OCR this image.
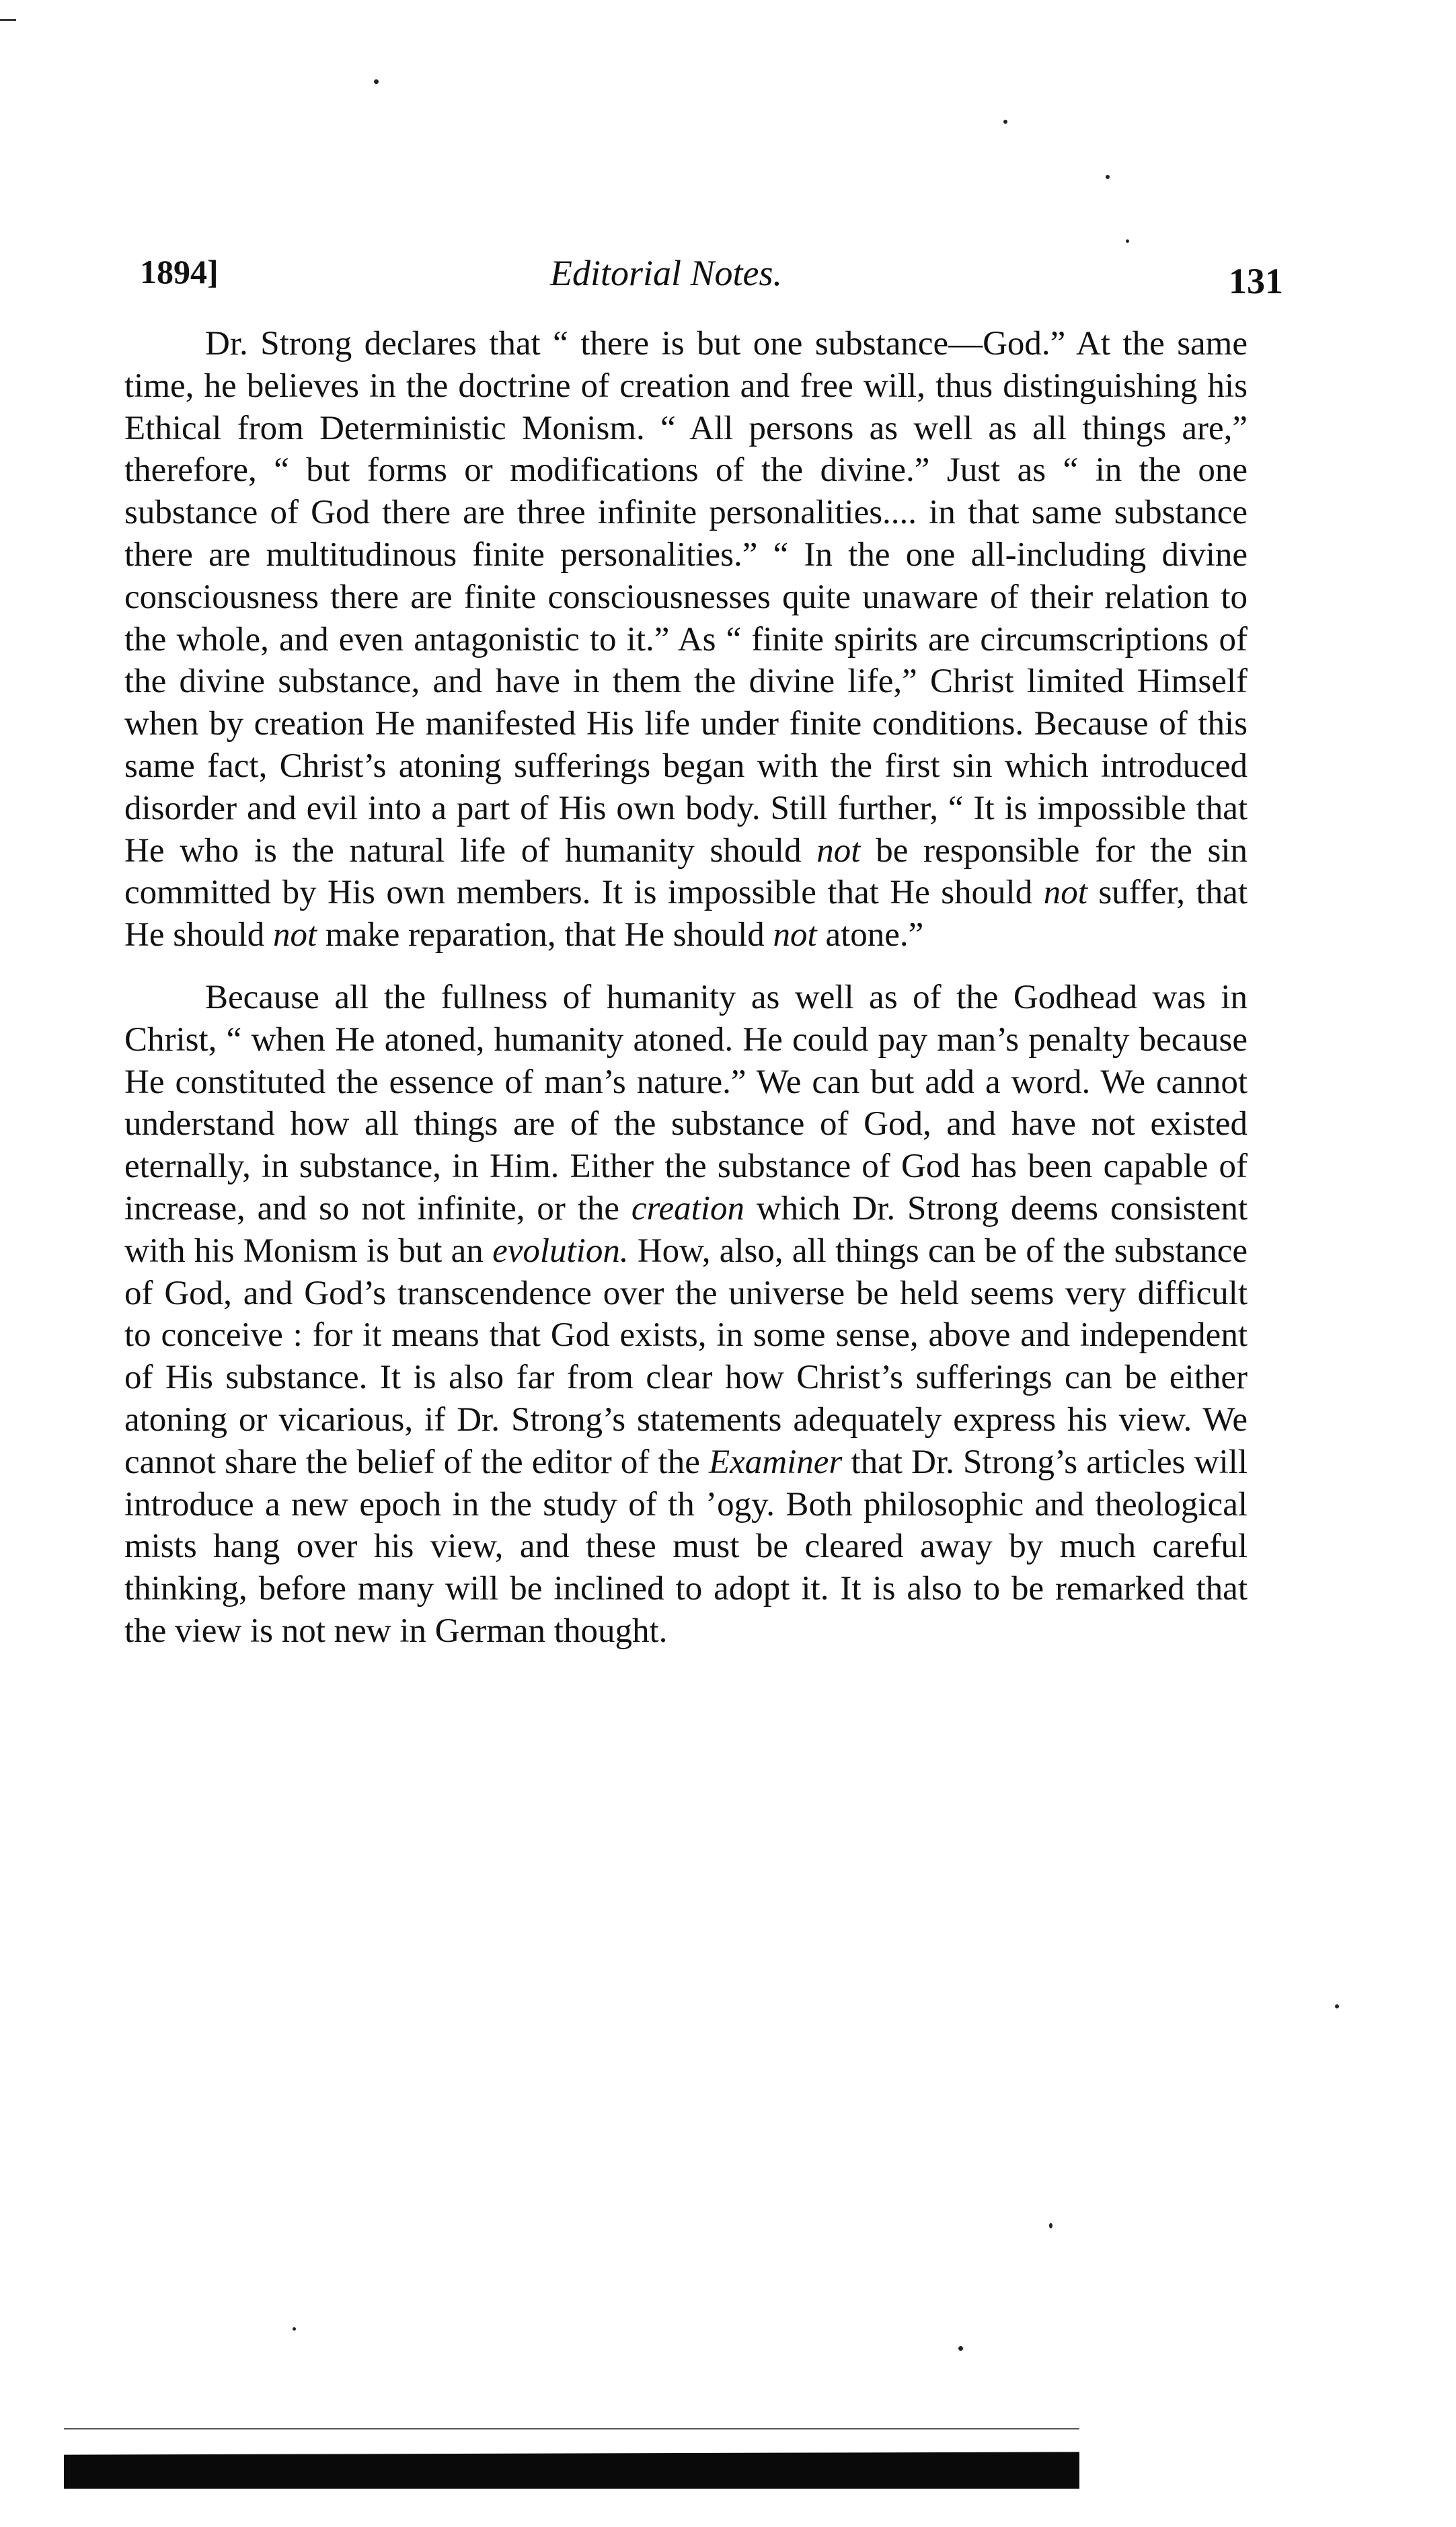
1894]	Editorial Notes.	131

Dr. Strong declares that “ there is but one substance—God.” At the same time, he believes in the doctrine of creation and free will, thus distinguishing his Ethical from Deterministic Monism. “ All persons as well as all things are,” therefore, “ but forms or modifications of the divine.” Just as “ in the one substance of God there are three infinite personalities.... in that same substance there are multitudinous finite personalities.” “ In the one all-including divine consciousness there are finite consciousnesses quite unaware of their relation to the whole, and even antagonistic to it.” As “ finite spirits are circumscriptions of the divine substance, and have in them the divine life,” Christ limited Himself when by creation He manifested His life under finite conditions. Because of this same fact, Christ’s atoning sufferings began with the first sin which introduced disorder and evil into a part of His own body. Still further, “ It is impossible that He who is the natural life of humanity should not be responsible for the sin committed by His own members. It is impossible that He should not suffer, that He should not make reparation, that He should not atone.”

Because all the fullness of humanity as well as of the Godhead was in Christ, “ when He atoned, humanity atoned. He could pay man’s penalty because He constituted the essence of man’s nature.” We can but add a word. We cannot understand how all things are of the substance of God, and have not existed eternally, in substance, in Him. Either the substance of God has been capable of increase, and so not infinite, or the creation which Dr. Strong deems consistent with his Monism is but an evolution. How, also, all things can be of the substance of God, and God’s transcendence over the universe be held seems very difficult to conceive : for it means that God exists, in some sense, above and independent of His substance. It is also far from clear how Christ’s sufferings can be either atoning or vicarious, if Dr. Strong’s statements adequately express his view. We cannot share the belief of the editor of the Examiner that Dr. Strong’s articles will introduce a new epoch in the study of th ’ogy. Both philosophic and theological mists hang over his view, and these must be cleared away by much careful thinking, before many will be inclined to adopt it. It is also to be remarked that the view is not new in German thought.
